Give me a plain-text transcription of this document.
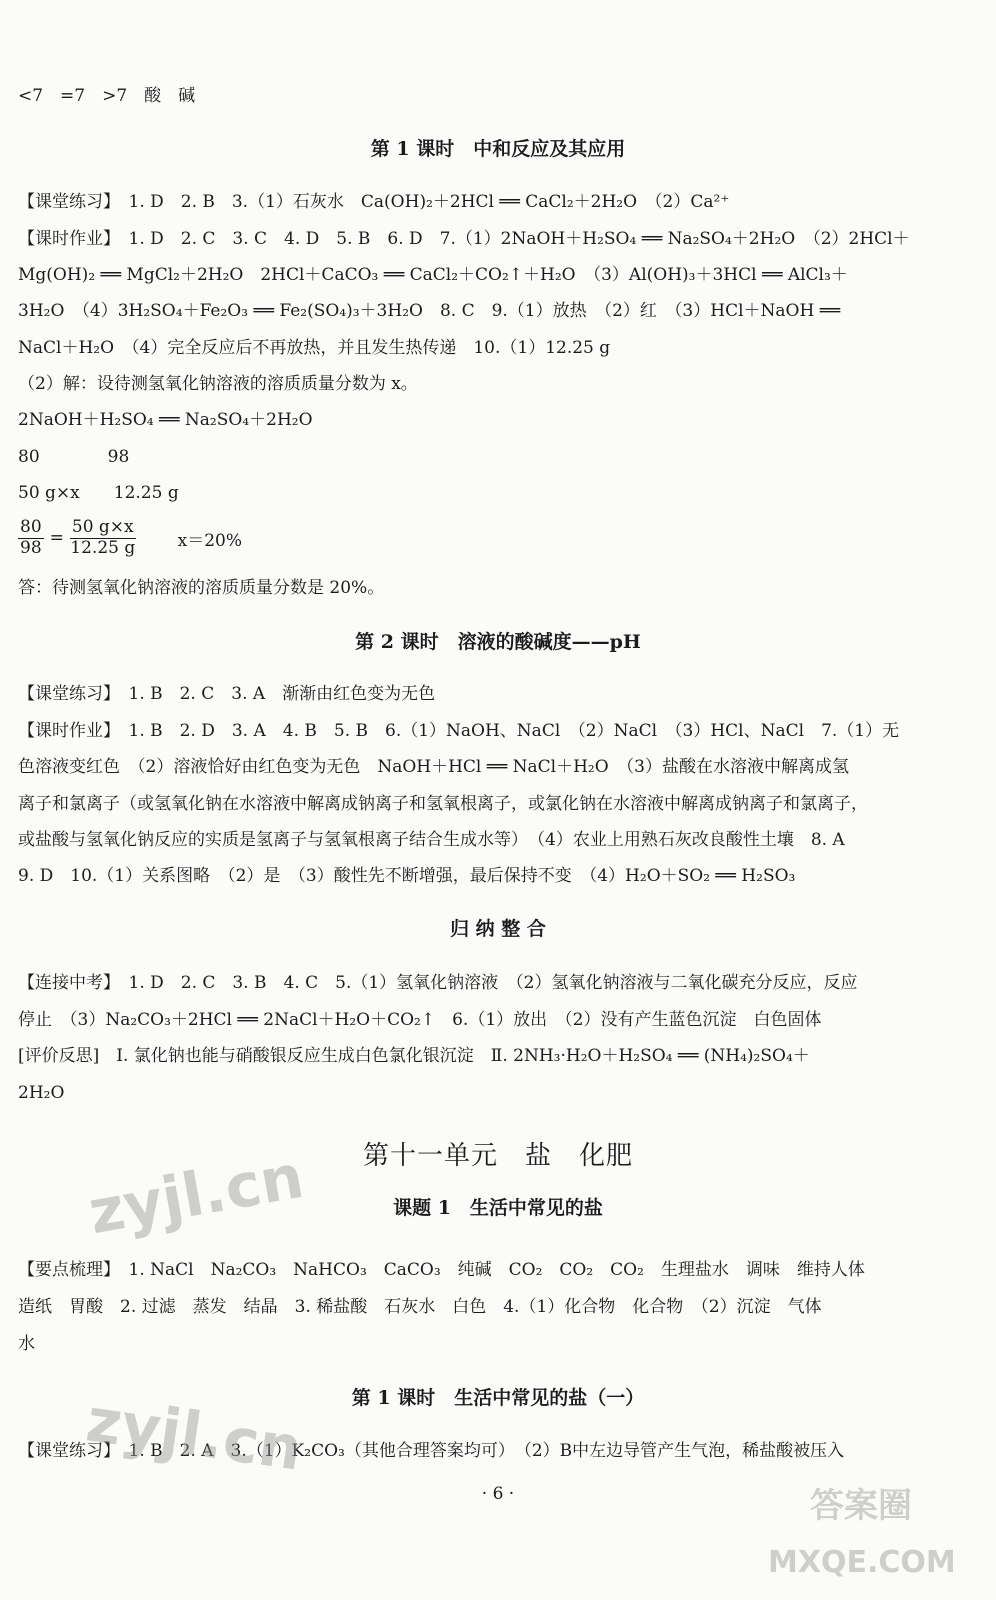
<7　=7　>7　酸　碱
第 1 课时　中和反应及其应用
【课堂练习】　1. D　2. B　3.（1）石灰水　Ca(OH)₂＋2HCl ══ CaCl₂＋2H₂O　（2）Ca²⁺
【课时作业】　1. D　2. C　3. C　4. D　5. B　6. D　7.（1）2NaOH＋H₂SO₄ ══ Na₂SO₄＋2H₂O　（2）2HCl＋
Mg(OH)₂ ══ MgCl₂＋2H₂O　2HCl＋CaCO₃ ══ CaCl₂＋CO₂↑＋H₂O　（3）Al(OH)₃＋3HCl ══ AlCl₃＋
3H₂O　（4）3H₂SO₄＋Fe₂O₃ ══ Fe₂(SO₄)₃＋3H₂O　8. C　9.（1）放热　（2）红　（3）HCl＋NaOH ══
NaCl＋H₂O　（4）完全反应后不再放热，并且发生热传递　10.（1）12.25 g
（2）解：设待测氢氧化钠溶液的溶质质量分数为 x。
2NaOH＋H₂SO₄ ══ Na₂SO₄＋2H₂O
80　　　　98
50 g×x　　12.25 g
$\frac{80}{98} = \frac{50 g\times x}{12.25 g} x=20\%$
答：待测氢氧化钠溶液的溶质质量分数是 20%。
第 2 课时　溶液的酸碱度——pH
【课堂练习】　1. B　2. C　3. A　渐渐由红色变为无色
【课时作业】　1. B　2. D　3. A　4. B　5. B　6.（1）NaOH、NaCl　（2）NaCl　（3）HCl、NaCl　7.（1）无
色溶液变红色　（2）溶液恰好由红色变为无色　NaOH＋HCl ══ NaCl＋H₂O　（3）盐酸在水溶液中解离成氢
离子和氯离子（或氢氧化钠在水溶液中解离成钠离子和氢氧根离子，或氯化钠在水溶液中解离成钠离子和氯离子，
或盐酸与氢氧化钠反应的实质是氢离子与氢氧根离子结合生成水等）　（4）农业上用熟石灰改良酸性土壤　8. A
9. D　10.（1）关系图略　（2）是　（3）酸性先不断增强，最后保持不变　（4）H₂O＋SO₂ ══ H₂SO₃
归 纳 整 合
【连接中考】　1. D　2. C　3. B　4. C　5.（1）氢氧化钠溶液　（2）氢氧化钠溶液与二氧化碳充分反应，反应
停止　（3）Na₂CO₃＋2HCl ══ 2NaCl＋H₂O＋CO₂↑　6.（1）放出　（2）没有产生蓝色沉淀　白色固体
[评价反思]　Ⅰ. 氯化钠也能与硝酸银反应生成白色氯化银沉淀　Ⅱ. 2NH₃·H₂O＋H₂SO₄ ══ (NH₄)₂SO₄＋
2H₂O
第十一单元　盐　化肥
课题 1　生活中常见的盐
【要点梳理】　1. NaCl　Na₂CO₃　NaHCO₃　CaCO₃　纯碱　CO₂　CO₂　CO₂　生理盐水　调味　维持人体
造纸　胃酸　2. 过滤　蒸发　结晶　3. 稀盐酸　石灰水　白色　4.（1）化合物　化合物　（2）沉淀　气体
水
第 1 课时　生活中常见的盐（一）
【课堂练习】　1. B　2. A　3.（1）K₂CO₃（其他合理答案均可）　（2）B中左边导管产生气泡，稀盐酸被压入
· 6 ·
zyjl.cn
zyjl.cn
答案圈
MXQE.COM
